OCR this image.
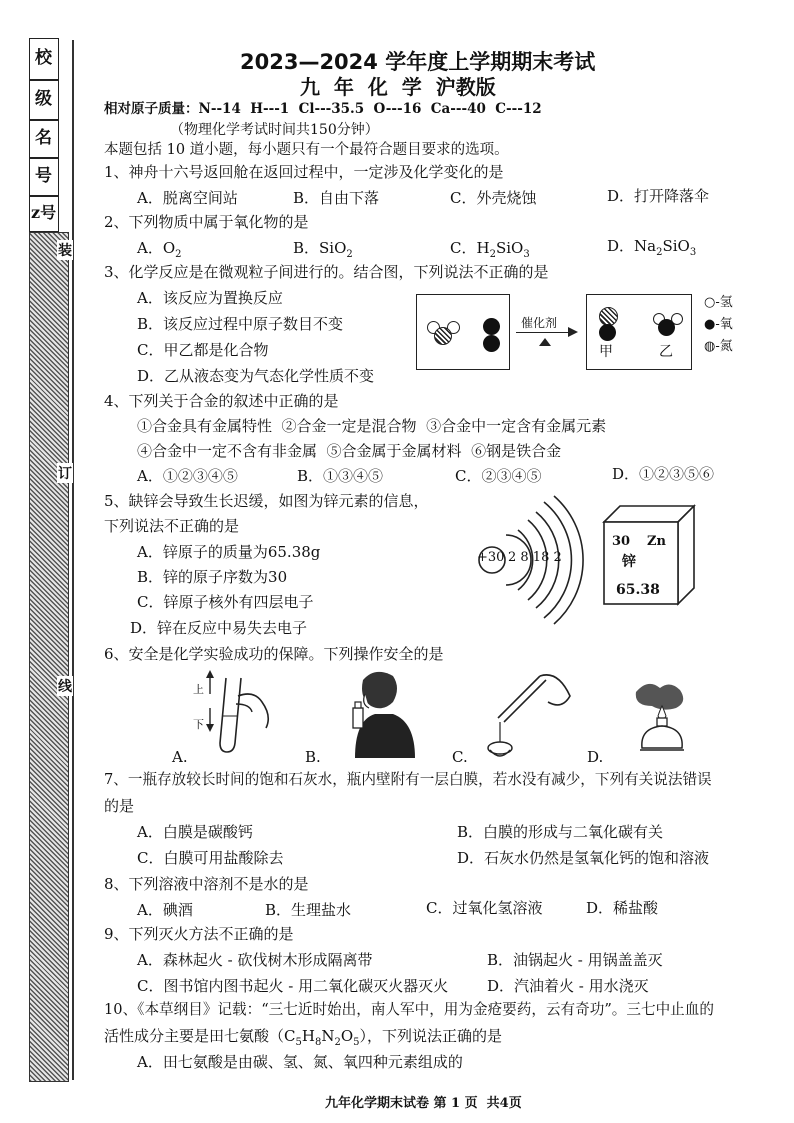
校
级
名
号
z号
装
订
线
2023—2024 学年度上学期期末考试
九  年  化  学  沪教版
相对原子质量：N--14  H---1  Cl---35.5  O---16  Ca---40  C---12
（物理化学考试时间共150分钟）
本题包括 10 道小题，每小题只有一个最符合题目要求的选项。
1、神舟十六号返回舱在返回过程中，一定涉及化学变化的是
A．脱离空间站	B．自由下落	C．外壳烧蚀	D．打开降落伞
2、下列物质中属于氧化物的是
A．$O_2$	B．SiO$_2$	C．$H_2SiO_3$	D．$Na_2SiO_3$
3、化学反应是在微观粒子间进行的。结合图，下列说法不正确的是
A．该反应为置换反应
B．该反应过程中原子数目不变
C．甲乙都是化合物
D．乙从液态变为气态化学性质不变
催化剂
甲	乙
○-氢
●-氧
◍-氮
4、下列关于合金的叙述中正确的是
①合金具有金属特性  ②合金一定是混合物  ③合金中一定含有金属元素
④合金中一定不含有非金属  ⑤合金属于金属材料  ⑥钢是铁合金
A．①②③④⑤	B．①③④⑤	C．②③④⑤	D．①②③⑤⑥
5、缺锌会导致生长迟缓，如图为锌元素的信息，
下列说法不正确的是
A．锌原子的质量为65.38g
B．锌的原子序数为30
C．锌原子核外有四层电子
D．锌在反应中易失去电子
+30 2 8 18 2
30 Zn
锌
65.38
6、安全是化学实验成功的保障。下列操作安全的是
上
下
A.	B.	C.	D.
7、一瓶存放较长时间的饱和石灰水，瓶内壁附有一层白膜，若水没有减少，下列有关说法错误
的是
A．白膜是碳酸钙	B．白膜的形成与二氧化碳有关
C．白膜可用盐酸除去	D．石灰水仍然是氢氧化钙的饱和溶液
8、下列溶液中溶剂不是水的是
A．碘酒	B．生理盐水	C．过氧化氢溶液	D．稀盐酸
9、下列灭火方法不正确的是
A．森林起火 - 砍伐树木形成隔离带	B．油锅起火 - 用锅盖盖灭
C．图书馆内图书起火 - 用二氧化碳灭火器灭火	D．汽油着火 - 用水浇灭
10、《本草纲目》记载：“三七近时始出，南人军中，用为金疮要药，云有奇功”。三七中止血的
活性成分主要是田七氨酸$(C_5H_8N_2O_5)$，下列说法正确的是
A．田七氨酸是由碳、氢、氮、氧四种元素组成的
九年化学期末试卷 第 1 页  共4页
